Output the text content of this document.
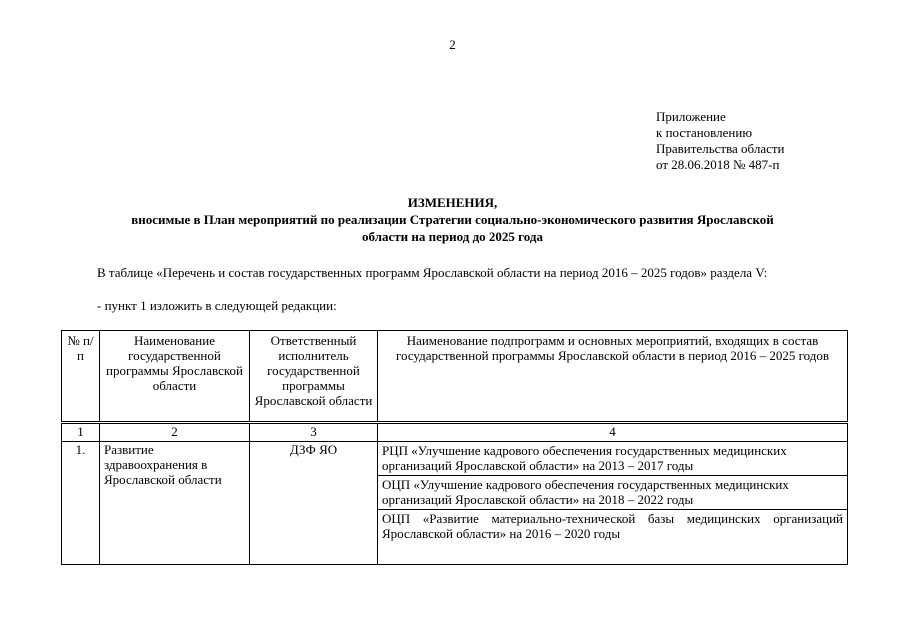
2
Приложение
к постановлению
Правительства области
от 28.06.2018 № 487-п
ИЗМЕНЕНИЯ,
вносимые в План мероприятий по реализации Стратегии социально-экономического развития Ярославской
области на период до 2025 года
В таблице «Перечень и состав государственных программ Ярославской области на период 2016 – 2025 годов» раздела V:
- пункт 1 изложить в следующей редакции:
№ п/п	Наименование государственной программы Ярославской области	Ответственный исполнитель государственной программы Ярославской области	Наименование подпрограмм и основных мероприятий, входящих в состав государственной программы Ярославской области в период 2016 – 2025 годов
1	2	3	4
1.	Развитие здравоохранения в Ярославской области	ДЗФ ЯО	РЦП «Улучшение кадрового обеспечения государственных медицинских организаций Ярославской области» на 2013 – 2017 годы
ОЦП «Улучшение кадрового обеспечения государственных медицинских организаций Ярославской области» на 2018 – 2022 годы
ОЦП «Развитие материально-технической базы медицинских организаций Ярославской области» на 2016 – 2020 годы
